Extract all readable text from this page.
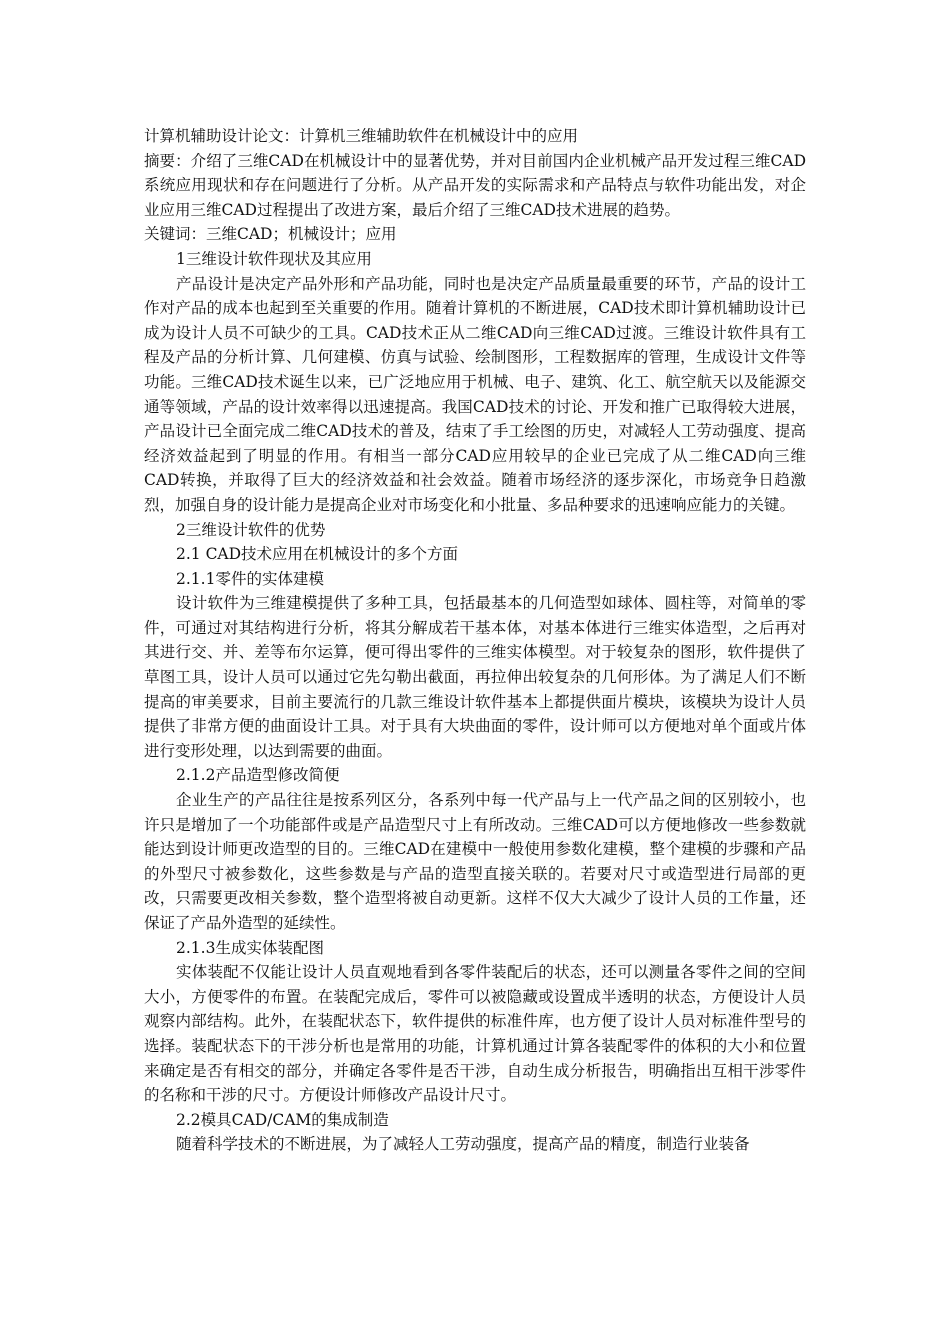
计算机辅助设计论文：计算机三维辅助软件在机械设计中的应用

摘要：介绍了三维CAD在机械设计中的显著优势，并对目前国内企业机械产品开发过程三维CAD系统应用现状和存在问题进行了分析。从产品开发的实际需求和产品特点与软件功能出发，对企业应用三维CAD过程提出了改进方案，最后介绍了三维CAD技术进展的趋势。

关键词：三维CAD；机械设计；应用

1三维设计软件现状及其应用

产品设计是决定产品外形和产品功能，同时也是决定产品质量最重要的环节，产品的设计工作对产品的成本也起到至关重要的作用。随着计算机的不断进展，CAD技术即计算机辅助设计已成为设计人员不可缺少的工具。CAD技术正从二维CAD向三维CAD过渡。三维设计软件具有工程及产品的分析计算、几何建模、仿真与试验、绘制图形，工程数据库的管理，生成设计文件等功能。三维CAD技术诞生以来，已广泛地应用于机械、电子、建筑、化工、航空航天以及能源交通等领域，产品的设计效率得以迅速提高。我国CAD技术的讨论、开发和推广已取得较大进展，产品设计已全面完成二维CAD技术的普及，结束了手工绘图的历史，对减轻人工劳动强度、提高经济效益起到了明显的作用。有相当一部分CAD应用较早的企业已完成了从二维CAD向三维CAD转换，并取得了巨大的经济效益和社会效益。随着市场经济的逐步深化，市场竞争日趋激烈，加强自身的设计能力是提高企业对市场变化和小批量、多品种要求的迅速响应能力的关键。

2三维设计软件的优势

2.1 CAD技术应用在机械设计的多个方面

2.1.1零件的实体建模

设计软件为三维建模提供了多种工具，包括最基本的几何造型如球体、圆柱等，对简单的零件，可通过对其结构进行分析，将其分解成若干基本体，对基本体进行三维实体造型，之后再对其进行交、并、差等布尔运算，便可得出零件的三维实体模型。对于较复杂的图形，软件提供了草图工具，设计人员可以通过它先勾勒出截面，再拉伸出较复杂的几何形体。为了满足人们不断提高的审美要求，目前主要流行的几款三维设计软件基本上都提供面片模块，该模块为设计人员提供了非常方便的曲面设计工具。对于具有大块曲面的零件，设计师可以方便地对单个面或片体进行变形处理，以达到需要的曲面。

2.1.2产品造型修改简便

企业生产的产品往往是按系列区分，各系列中每一代产品与上一代产品之间的区别较小，也许只是增加了一个功能部件或是产品造型尺寸上有所改动。三维CAD可以方便地修改一些参数就能达到设计师更改造型的目的。三维CAD在建模中一般使用参数化建模，整个建模的步骤和产品的外型尺寸被参数化，这些参数是与产品的造型直接关联的。若要对尺寸或造型进行局部的更改，只需要更改相关参数，整个造型将被自动更新。这样不仅大大减少了设计人员的工作量，还保证了产品外造型的延续性。

2.1.3生成实体装配图

实体装配不仅能让设计人员直观地看到各零件装配后的状态，还可以测量各零件之间的空间大小，方便零件的布置。在装配完成后，零件可以被隐藏或设置成半透明的状态，方便设计人员观察内部结构。此外，在装配状态下，软件提供的标准件库，也方便了设计人员对标准件型号的选择。装配状态下的干涉分析也是常用的功能，计算机通过计算各装配零件的体积的大小和位置来确定是否有相交的部分，并确定各零件是否干涉，自动生成分析报告，明确指出互相干涉零件的名称和干涉的尺寸。方便设计师修改产品设计尺寸。

2.2模具CAD/CAM的集成制造

随着科学技术的不断进展，为了减轻人工劳动强度，提高产品的精度，制造行业装备
